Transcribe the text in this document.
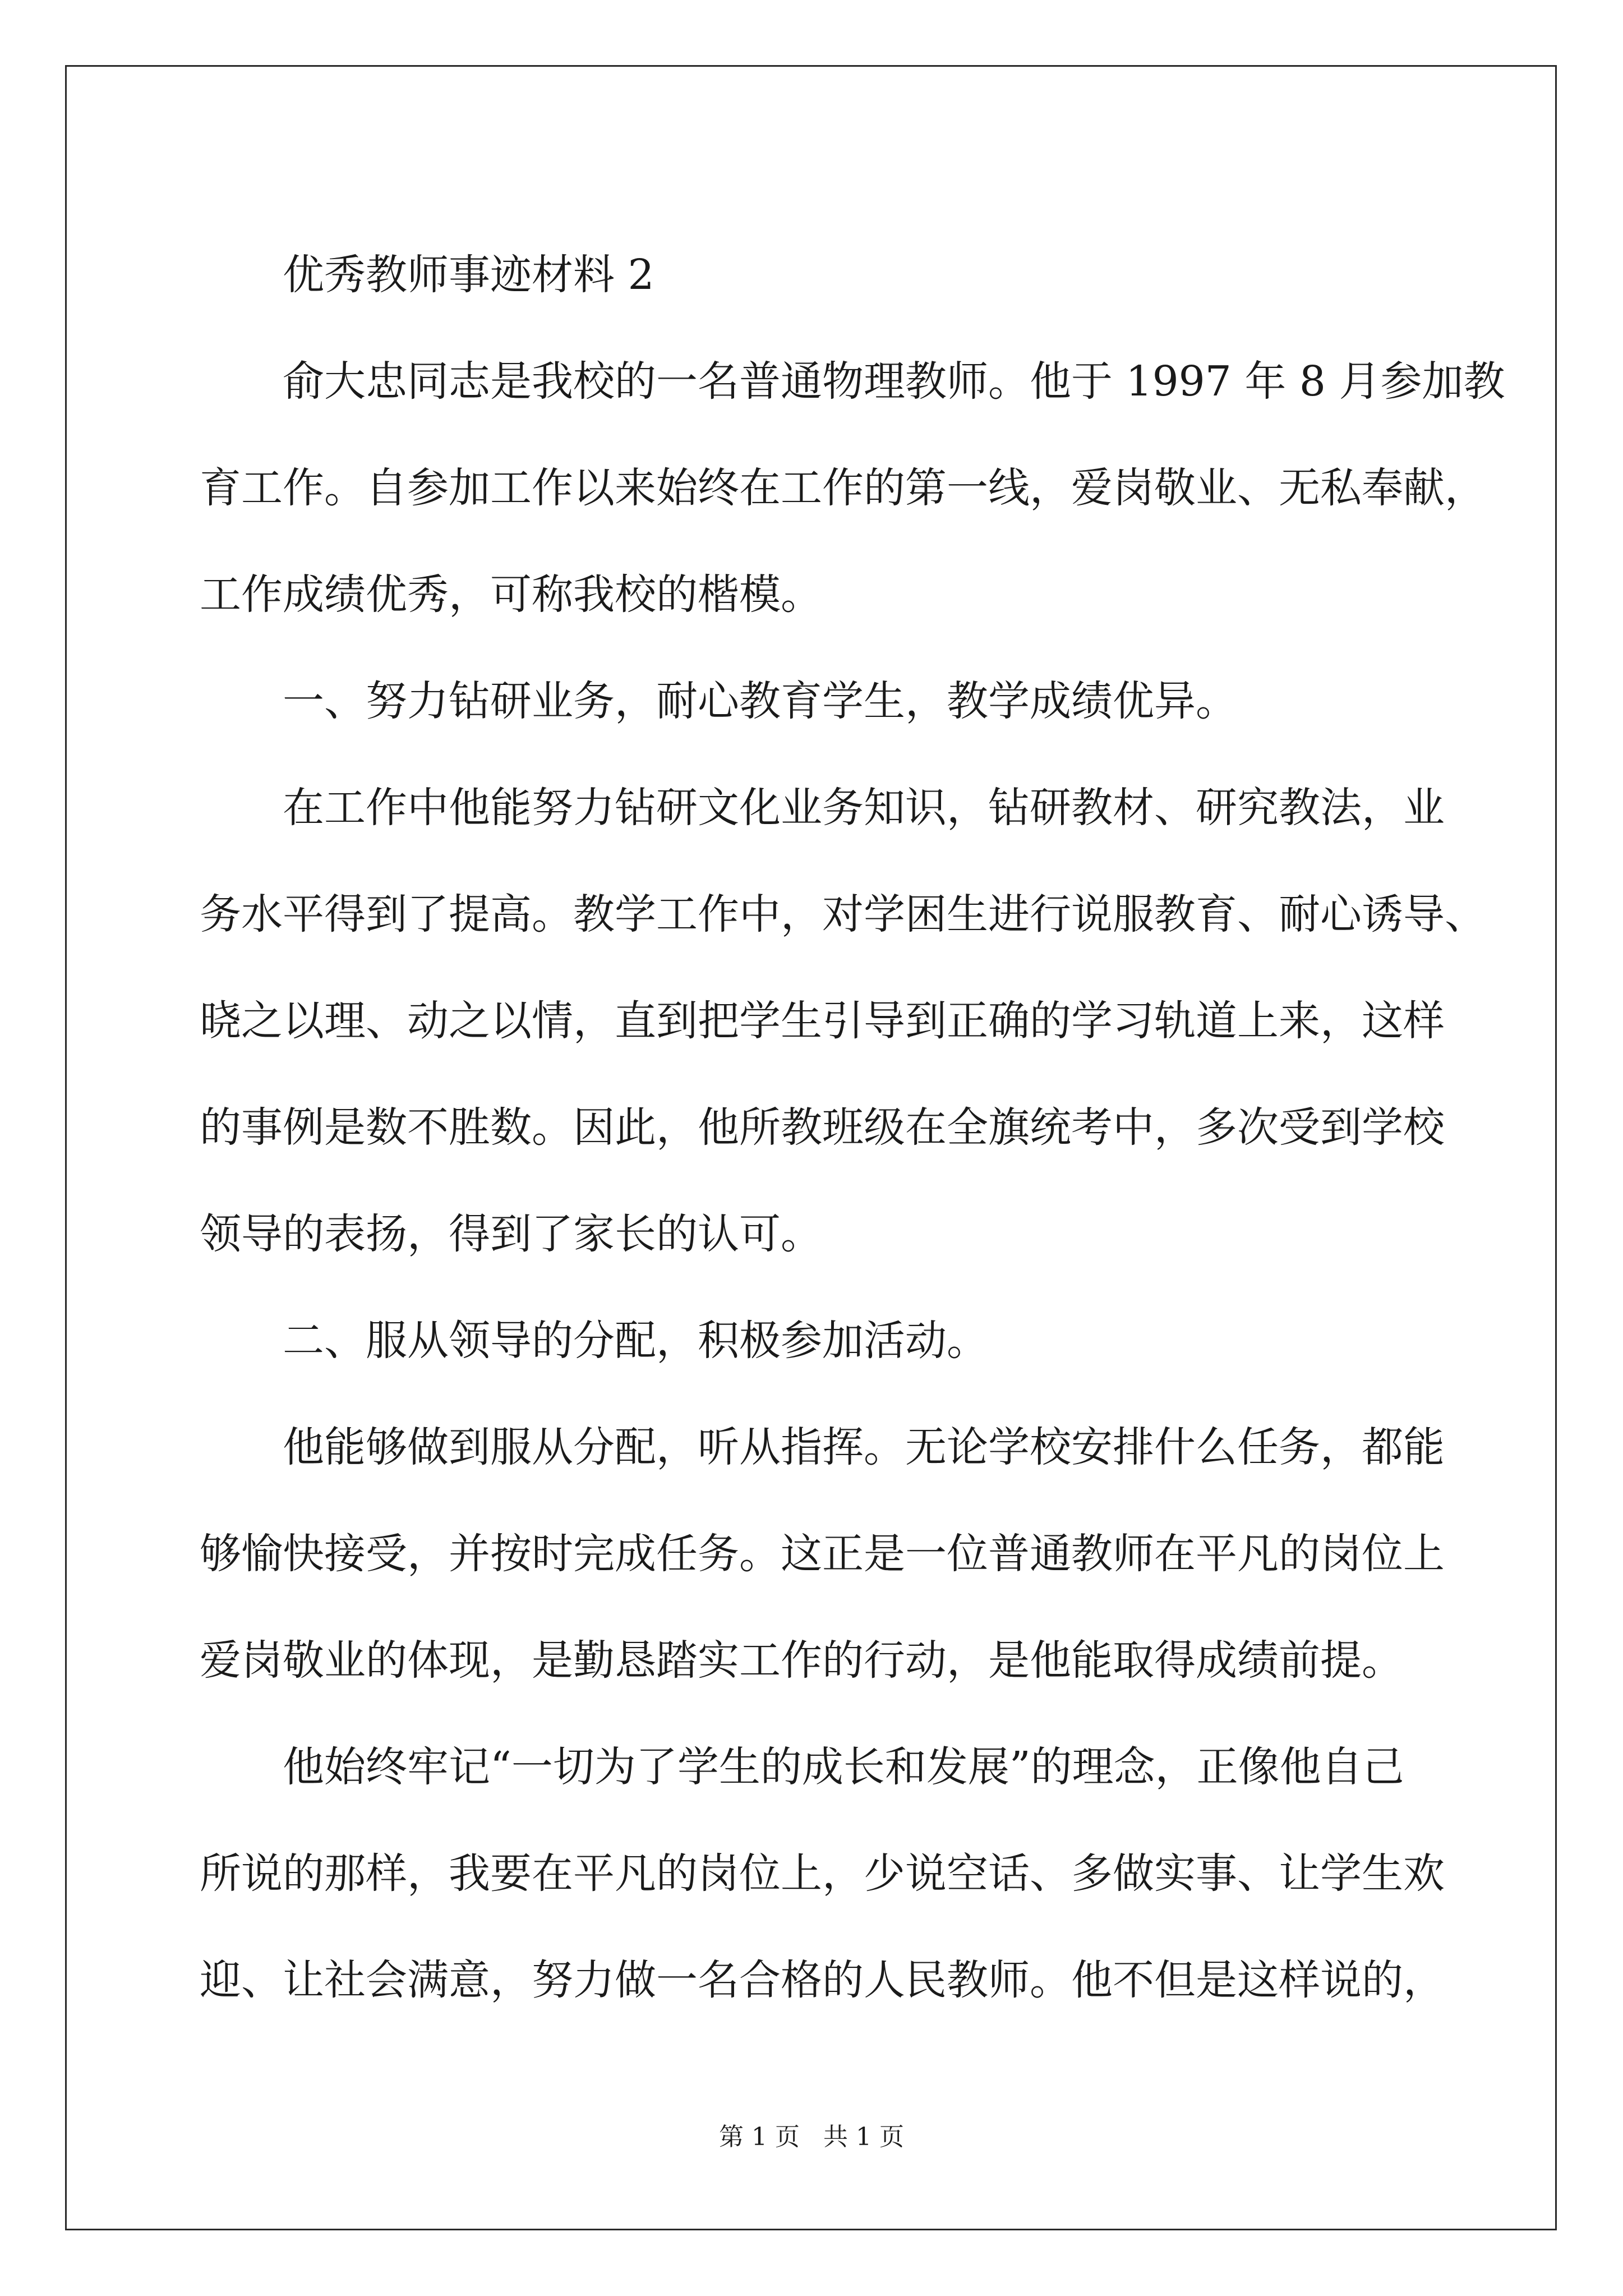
优秀教师事迹材料 2

俞大忠同志是我校的一名普通物理教师。他于 1997 年 8 月参加教
育工作。自参加工作以来始终在工作的第一线，爱岗敬业、无私奉献，
工作成绩优秀，可称我校的楷模。

一、努力钻研业务，耐心教育学生，教学成绩优异。

在工作中他能努力钻研文化业务知识，钻研教材、研究教法，业
务水平得到了提高。教学工作中，对学困生进行说服教育、耐心诱导、
晓之以理、动之以情，直到把学生引导到正确的学习轨道上来，这样
的事例是数不胜数。因此，他所教班级在全旗统考中，多次受到学校
领导的表扬，得到了家长的认可。

二、服从领导的分配，积极参加活动。

他能够做到服从分配，听从指挥。无论学校安排什么任务，都能
够愉快接受，并按时完成任务。这正是一位普通教师在平凡的岗位上
爱岗敬业的体现，是勤恳踏实工作的行动，是他能取得成绩前提。

他始终牢记“一切为了学生的成长和发展”的理念，正像他自己
所说的那样，我要在平凡的岗位上，少说空话、多做实事、让学生欢
迎、让社会满意，努力做一名合格的人民教师。他不但是这样说的，

第 1 页   共 1 页
